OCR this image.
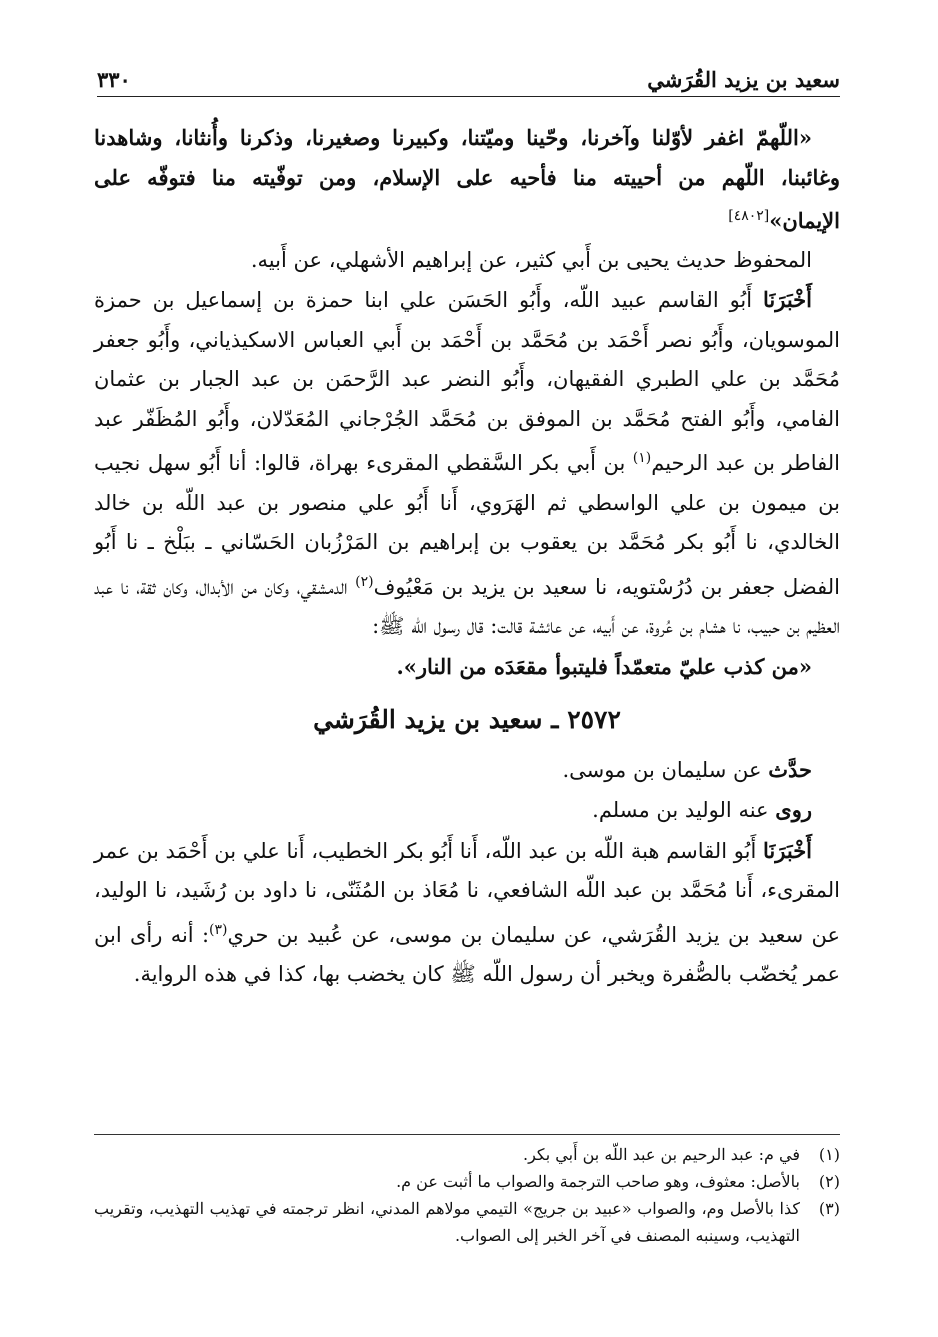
سعيد بن يزيد القُرَشي
٣٣٠

«اللّهمّ اغفر لأوّلنا وآخرنا، وحّينا وميّتنا، وكبيرنا وصغيرنا، وذكرنا وأُنثانا، وشاهدنا وغائبنا، اللّهم من أحييته منا فأحيه على الإسلام، ومن توفّيته منا فتوفّه على الإيمان»[٤٨٠٢]

المحفوظ حديث يحيى بن أَبي كثير، عن إبراهيم الأشهلي، عن أَبيه.

أَخْبَرَنَا أَبُو القاسم عبيد اللّه، وأَبُو الحَسَن علي ابنا حمزة بن إسماعيل بن حمزة الموسويان، وأَبُو نصر أَحْمَد بن مُحَمَّد بن أَحْمَد بن أَبي العباس الاسكيذياني، وأَبُو جعفر مُحَمَّد بن علي الطبري الفقيهان، وأَبُو النضر عبد الرَّحمَن بن عبد الجبار بن عثمان الفامي، وأَبُو الفتح مُحَمَّد بن الموفق بن مُحَمَّد الجُرْجاني المُعَدّلان، وأَبُو المُظَفّر عبد الفاطر بن عبد الرحيم$^{(١)}$ بن أَبي بكر السَّقطي المقرىء بهراة، قالوا: أنا أَبُو سهل نجيب بن ميمون بن علي الواسطي ثم الهَرَوي، أَنا أَبُو علي منصور بن عبد اللّه بن خالد الخالدي، نا أَبُو بكر مُحَمَّد بن يعقوب بن إبراهيم بن المَرْزُبان الحَسّاني ـ ببَلْخ ـ نا أَبُو الفضل جعفر بن دُرُسْتويه، نا سعيد بن يزيد بن مَعْيُوف$^{(٢)}$ الدمشقي، وكان من الأبدال، وكان ثقة، نا عبد العظيم بن حبيب، نا هشام بن عُروة، عن أَبيه، عن عائشة قالت: قال رسول اللّه ﷺ:

«من كذب عليّ متعمّداً فليتبوأ مقعَدَه من النار».

٢٥٧٢ ـ سعيد بن يزيد القُرَشي

حدَّث عن سليمان بن موسى.

روى عنه الوليد بن مسلم.

أَخْبَرَنَا أَبُو القاسم هبة اللّه بن عبد اللّه، أَنا أَبُو بكر الخطيب، أَنا علي بن أَحْمَد بن عمر المقرىء، أَنا مُحَمَّد بن عبد اللّه الشافعي، نا مُعَاذ بن المُثَنّى، نا داود بن رُشَيد، نا الوليد، عن سعيد بن يزيد القُرَشي، عن سليمان بن موسى، عن عُبيد بن حري$^{(٣)}$: أنه رأى ابن عمر يُخضّب بالصُّفرة ويخبر أن رسول اللّه ﷺ كان يخضب بها، كذا في هذه الرواية.

(١)
في م: عبد الرحيم بن عبد اللّه بن أَبي بكر.
(٢)
بالأصل: معثوف، وهو صاحب الترجمة والصواب ما أثبت عن م.
(٣)
كذا بالأصل وم، والصواب «عبيد بن جريج» التيمي مولاهم المدني، انظر ترجمته في تهذيب التهذيب، وتقريب التهذيب، وسينبه المصنف في آخر الخبر إلى الصواب.
